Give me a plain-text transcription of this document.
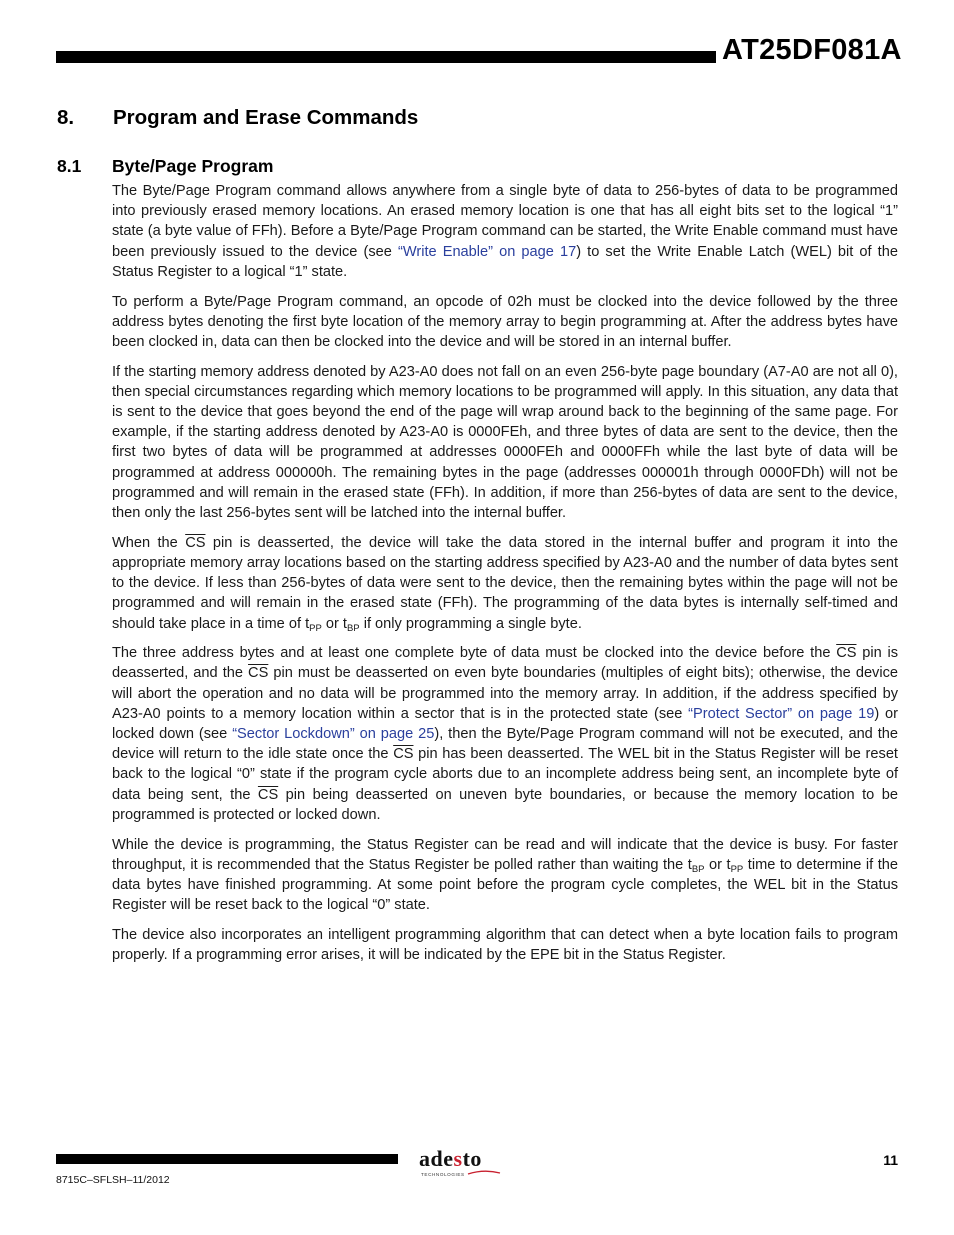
AT25DF081A
8. Program and Erase Commands
8.1 Byte/Page Program

The Byte/Page Program command allows anywhere from a single byte of data to 256-bytes of data to be programmed into previously erased memory locations. An erased memory location is one that has all eight bits set to the logical “1” state (a byte value of FFh). Before a Byte/Page Program command can be started, the Write Enable command must have been previously issued to the device (see “Write Enable” on page 17) to set the Write Enable Latch (WEL) bit of the Status Register to a logical “1” state.

To perform a Byte/Page Program command, an opcode of 02h must be clocked into the device followed by the three address bytes denoting the first byte location of the memory array to begin programming at. After the address bytes have been clocked in, data can then be clocked into the device and will be stored in an internal buffer.

If the starting memory address denoted by A23-A0 does not fall on an even 256-byte page boundary (A7-A0 are not all 0), then special circumstances regarding which memory locations to be programmed will apply. In this situation, any data that is sent to the device that goes beyond the end of the page will wrap around back to the beginning of the same page. For example, if the starting address denoted by A23-A0 is 0000FEh, and three bytes of data are sent to the device, then the first two bytes of data will be programmed at addresses 0000FEh and 0000FFh while the last byte of data will be programmed at address 000000h. The remaining bytes in the page (addresses 000001h through 0000FDh) will not be programmed and will remain in the erased state (FFh). In addition, if more than 256-bytes of data are sent to the device, then only the last 256-bytes sent will be latched into the internal buffer.

When the $\overline{CS}$ pin is deasserted, the device will take the data stored in the internal buffer and program it into the appropriate memory array locations based on the starting address specified by A23-A0 and the number of data bytes sent to the device. If less than 256-bytes of data were sent to the device, then the remaining bytes within the page will not be programmed and will remain in the erased state (FFh). The programming of the data bytes is internally self-timed and should take place in a time of $t_{PP}$ or $t_{BP}$ if only programming a single byte.

The three address bytes and at least one complete byte of data must be clocked into the device before the $\overline{CS}$ pin is deasserted, and the $\overline{CS}$ pin must be deasserted on even byte boundaries (multiples of eight bits); otherwise, the device will abort the operation and no data will be programmed into the memory array. In addition, if the address specified by A23-A0 points to a memory location within a sector that is in the protected state (see “Protect Sector” on page 19) or locked down (see “Sector Lockdown” on page 25), then the Byte/Page Program command will not be executed, and the device will return to the idle state once the $\overline{CS}$ pin has been deasserted. The WEL bit in the Status Register will be reset back to the logical “0” state if the program cycle aborts due to an incomplete address being sent, an incomplete byte of data being sent, the $\overline{CS}$ pin being deasserted on uneven byte boundaries, or because the memory location to be programmed is protected or locked down.

While the device is programming, the Status Register can be read and will indicate that the device is busy. For faster throughput, it is recommended that the Status Register be polled rather than waiting the $t_{BP}$ or $t_{PP}$ time to determine if the data bytes have finished programming. At some point before the program cycle completes, the WEL bit in the Status Register will be reset back to the logical “0” state.

The device also incorporates an intelligent programming algorithm that can detect when a byte location fails to program properly. If a programming error arises, it will be indicated by the EPE bit in the Status Register.

8715C–SFLSH–11/2012
adesto
TECHNOLOGIES
11
